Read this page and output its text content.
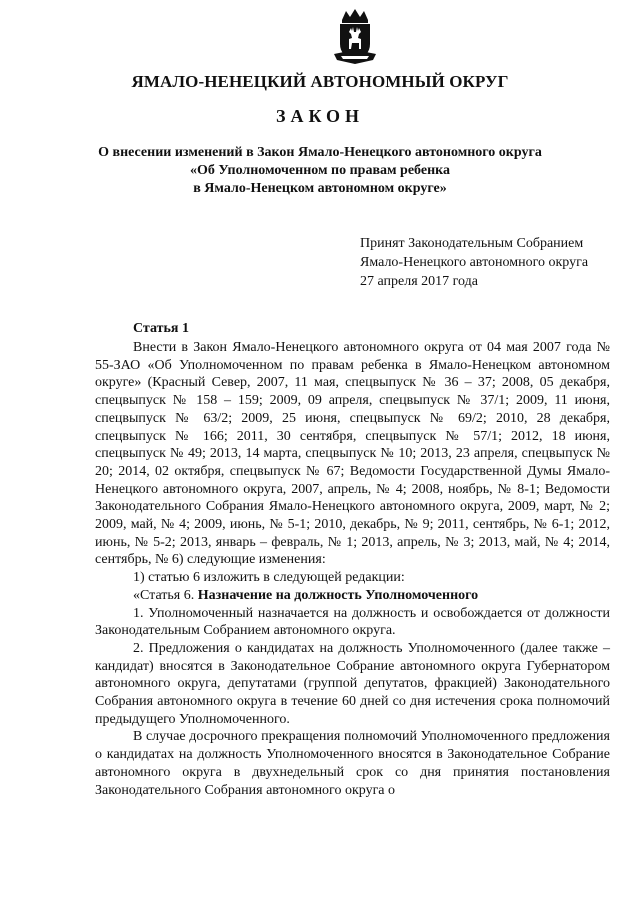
ЯМАЛО-НЕНЕЦКИЙ АВТОНОМНЫЙ ОКРУГ
ЗАКОН
О внесении изменений в Закон Ямало-Ненецкого автономного округа
«Об Уполномоченном по правам ребенка
в Ямало-Ненецком автономном округе»
Принят Законодательным Собранием
Ямало-Ненецкого автономного округа
27 апреля 2017 года
Статья 1

Внести в Закон Ямало-Ненецкого автономного округа от 04 мая 2007 года № 55-ЗАО «Об Уполномоченном по правам ребенка в Ямало-Ненецком автономном округе» (Красный Север, 2007, 11 мая, спецвыпуск № 36 – 37; 2008, 05 декабря, спецвыпуск № 158 – 159; 2009, 09 апреля, спецвыпуск № 37/1; 2009, 11 июня, спецвыпуск № 63/2; 2009, 25 июня, спецвыпуск № 69/2; 2010, 28 декабря, спецвыпуск № 166; 2011, 30 сентября, спецвыпуск № 57/1; 2012, 18 июня, спецвыпуск № 49; 2013, 14 марта, спецвыпуск № 10; 2013, 23 апреля, спецвыпуск № 20; 2014, 02 октября, спецвыпуск № 67; Ведомости Государственной Думы Ямало-Ненецкого автономного округа, 2007, апрель, № 4; 2008, ноябрь, № 8-1; Ведомости Законодательного Собрания Ямало-Ненецкого автономного округа, 2009, март, № 2; 2009, май, № 4; 2009, июнь, № 5-1; 2010, декабрь, № 9; 2011, сентябрь, № 6-1; 2012, июнь, № 5-2; 2013, январь – февраль, № 1; 2013, апрель, № 3; 2013, май, № 4; 2014, сентябрь, № 6) следующие изменения:

1) статью 6 изложить в следующей редакции:

«Статья 6. Назначение на должность Уполномоченного

1. Уполномоченный назначается на должность и освобождается от должности Законодательным Собранием автономного округа.

2. Предложения о кандидатах на должность Уполномоченного (далее также – кандидат) вносятся в Законодательное Собрание автономного округа Губернатором автономного округа, депутатами (группой депутатов, фракцией) Законодательного Собрания автономного округа в течение 60 дней со дня истечения срока полномочий предыдущего Уполномоченного.

В случае досрочного прекращения полномочий Уполномоченного предложения о кандидатах на должность Уполномоченного вносятся в Законодательное Собрание автономного округа в двухнедельный срок со дня принятия постановления Законодательного Собрания автономного округа о
